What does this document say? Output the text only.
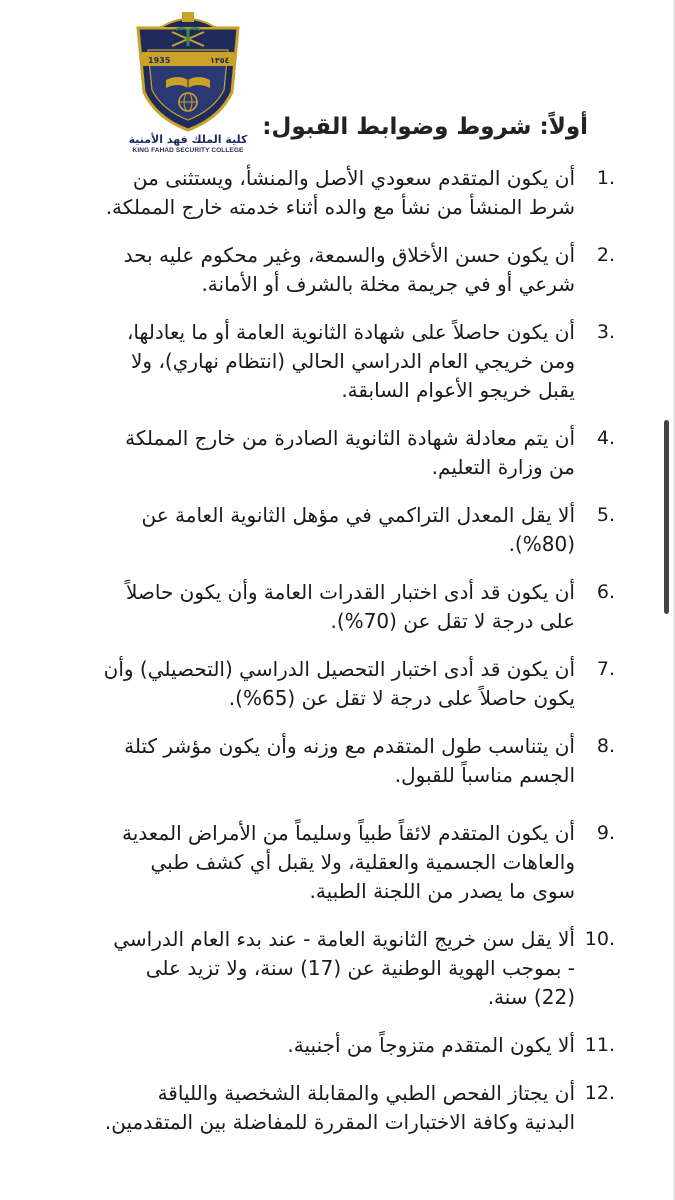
1935	١٣٥٤
كلية الملك فهد الأمنية
KING FAHAD SECURITY COLLEGE
أولاً: شروط وضوابط القبول:
1.
أن يكون المتقدم سعودي الأصل والمنشأ، ويستثنى من شرط المنشأ من نشأ مع والده أثناء خدمته خارج المملكة.
2.
أن يكون حسن الأخلاق والسمعة، وغير محكوم عليه بحد شرعي أو في جريمة مخلة بالشرف أو الأمانة.
3.
أن يكون حاصلاً على شهادة الثانوية العامة أو ما يعادلها، ومن خريجي العام الدراسي الحالي (انتظام نهاري)، ولا يقبل خريجو الأعوام السابقة.
4.
أن يتم معادلة شهادة الثانوية الصادرة من خارج المملكة من وزارة التعليم.
5.
ألا يقل المعدل التراكمي في مؤهل الثانوية العامة عن (80%).
6.
أن يكون قد أدى اختبار القدرات العامة وأن يكون حاصلاً على درجة لا تقل عن (70%).
7.
أن يكون قد أدى اختبار التحصيل الدراسي (التحصيلي) وأن يكون حاصلاً على درجة لا تقل عن (65%).
8.
أن يتناسب طول المتقدم مع وزنه وأن يكون مؤشر كتلة الجسم مناسباً للقبول.
9.
أن يكون المتقدم لائقاً طبياً وسليماً من الأمراض المعدية والعاهات الجسمية والعقلية، ولا يقبل أي كشف طبي سوى ما يصدر من اللجنة الطبية.
10.
ألا يقل سن خريج الثانوية العامة - عند بدء العام الدراسي - بموجب الهوية الوطنية عن (17) سنة، ولا تزيد على (22) سنة.
11.
ألا يكون المتقدم متزوجاً من أجنبية.
12.
أن يجتاز الفحص الطبي والمقابلة الشخصية واللياقة البدنية وكافة الاختبارات المقررة للمفاضلة بين المتقدمين.
